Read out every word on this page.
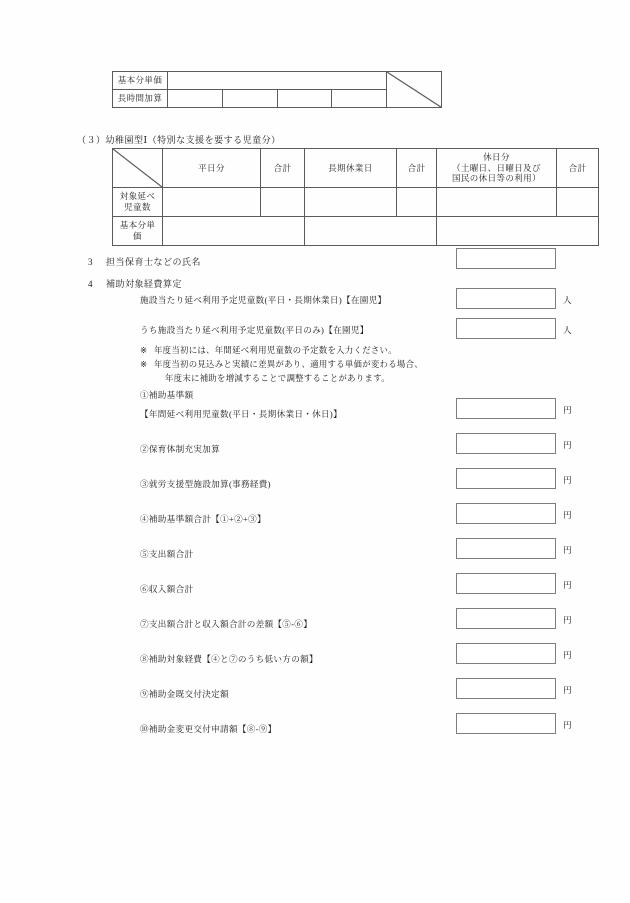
基本分単価		

長時間加算					
（３）幼稚園型Ⅰ（特別な支援を要する児童分）
	平日分	合計	長期休業日	合計	休日分
（土曜日、日曜日及び
国民の休日等の利用）	合計

対象延べ
児童数						

基本分単
価						

3 担当保育士などの氏名
4 補助対象経費算定
施設当たり延べ利用予定児童数(平日・長期休業日)【在園児】	人
うち施設当たり延べ利用予定児童数(平日のみ)【在園児】	人
※ 年度当初には、年間延べ利用児童数の予定数を入力ください。
※ 年度当初の見込みと実績に差異があり、適用する単価が変わる場合、
年度末に補助を増減することで調整することがあります。
①補助基準額
【年間延べ利用児童数(平日・長期休業日・休日)】	円
②保育体制充実加算	円
③就労支援型施設加算(事務経費)	円
④補助基準額合計【①+②+③】	円
⑤支出額合計	円
⑥収入額合計	円
⑦支出額合計と収入額合計の差額【⑤-⑥】	円
⑧補助対象経費【④と⑦のうち低い方の額】	円
⑨補助金既交付決定額	円
⑩補助金変更交付申請額【⑧-⑨】	円
